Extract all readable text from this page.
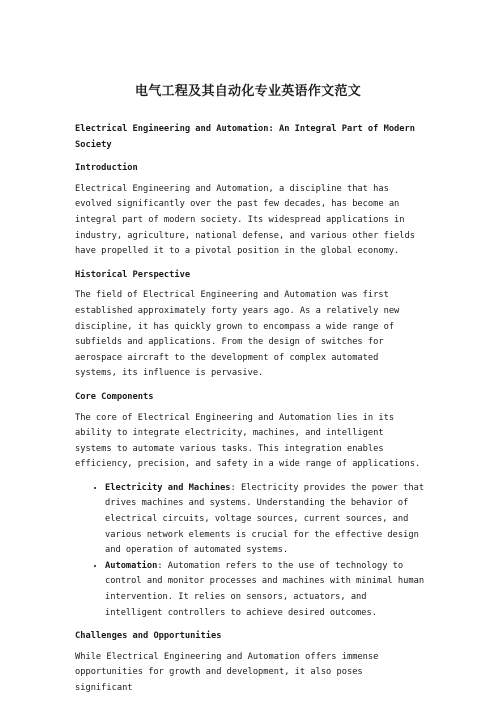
电气工程及其自动化专业英语作文范文
Electrical Engineering and Automation: An Integral Part of Modern Society
Introduction

Electrical Engineering and Automation, a discipline that has evolved significantly over the past few decades, has become an integral part of modern society. Its widespread applications in industry, agriculture, national defense, and various other fields have propelled it to a pivotal position in the global economy.

Historical Perspective

The field of Electrical Engineering and Automation was first established approximately forty years ago. As a relatively new discipline, it has quickly grown to encompass a wide range of subfields and applications. From the design of switches for aerospace aircraft to the development of complex automated systems, its influence is pervasive.

Core Components

The core of Electrical Engineering and Automation lies in its ability to integrate electricity, machines, and intelligent systems to automate various tasks. This integration enables efficiency, precision, and safety in a wide range of applications.

• Electricity and Machines: Electricity provides the power that drives machines and systems. Understanding the behavior of electrical circuits, voltage sources, current sources, and various network elements is crucial for the effective design and operation of automated systems.
• Automation: Automation refers to the use of technology to control and monitor processes and machines with minimal human intervention. It relies on sensors, actuators, and intelligent controllers to achieve desired outcomes.
Challenges and Opportunities

While Electrical Engineering and Automation offers immense opportunities for growth and development, it also poses significant
